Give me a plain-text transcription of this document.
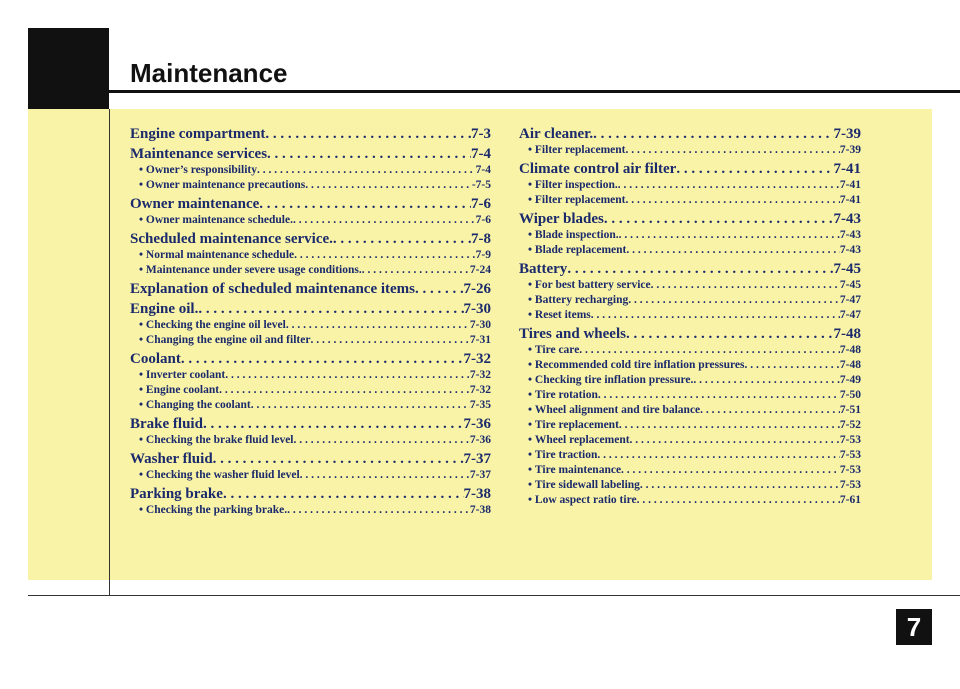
Maintenance
Engine compartment . . .	7-3
Maintenance services . . .	7-4
• Owner’s responsibility . . .	7-4
• Owner maintenance precautions . . .	-7-5
Owner maintenance . . .	7-6
• Owner maintenance schedule. . . .	7-6
Scheduled maintenance service. . . .	7-8
• Normal maintenance schedule . . .	7-9
• Maintenance under severe usage conditions. . . .	7-24
Explanation of scheduled maintenance items . . .	7-26
Engine oil. . . .	7-30
• Checking the engine oil level . . .	7-30
• Changing the engine oil and filter . . .	7-31
Coolant . . .	7-32
• Inverter coolant . . .	7-32
• Engine coolant . . .	7-32
• Changing the coolant . . .	7-35
Brake fluid . . .	7-36
• Checking the brake fluid level . . .	7-36
Washer fluid . . .	7-37
• Checking the washer fluid level . . .	7-37
Parking brake . . .	7-38
• Checking the parking brake. . . .	7-38
Air cleaner. . . .	7-39
• Filter replacement . . .	7-39
Climate control air filter . . .	7-41
• Filter inspection. . . .	7-41
• Filter replacement . . .	7-41
Wiper blades . . .	7-43
• Blade inspection. . . .	7-43
• Blade replacement . . .	7-43
Battery . . .	7-45
• For best battery service . . .	7-45
• Battery recharging . . .	7-47
• Reset items . . .	7-47
Tires and wheels . . .	7-48
• Tire care . . .	7-48
• Recommended cold tire inflation pressures . . .	7-48
• Checking tire inflation pressure. . . .	7-49
• Tire rotation . . .	7-50
• Wheel alignment and tire balance . . .	7-51
• Tire replacement . . .	7-52
• Wheel replacement . . .	7-53
• Tire traction . . .	7-53
• Tire maintenance . . .	7-53
• Tire sidewall labeling . . .	7-53
• Low aspect ratio tire . . .	7-61
7
